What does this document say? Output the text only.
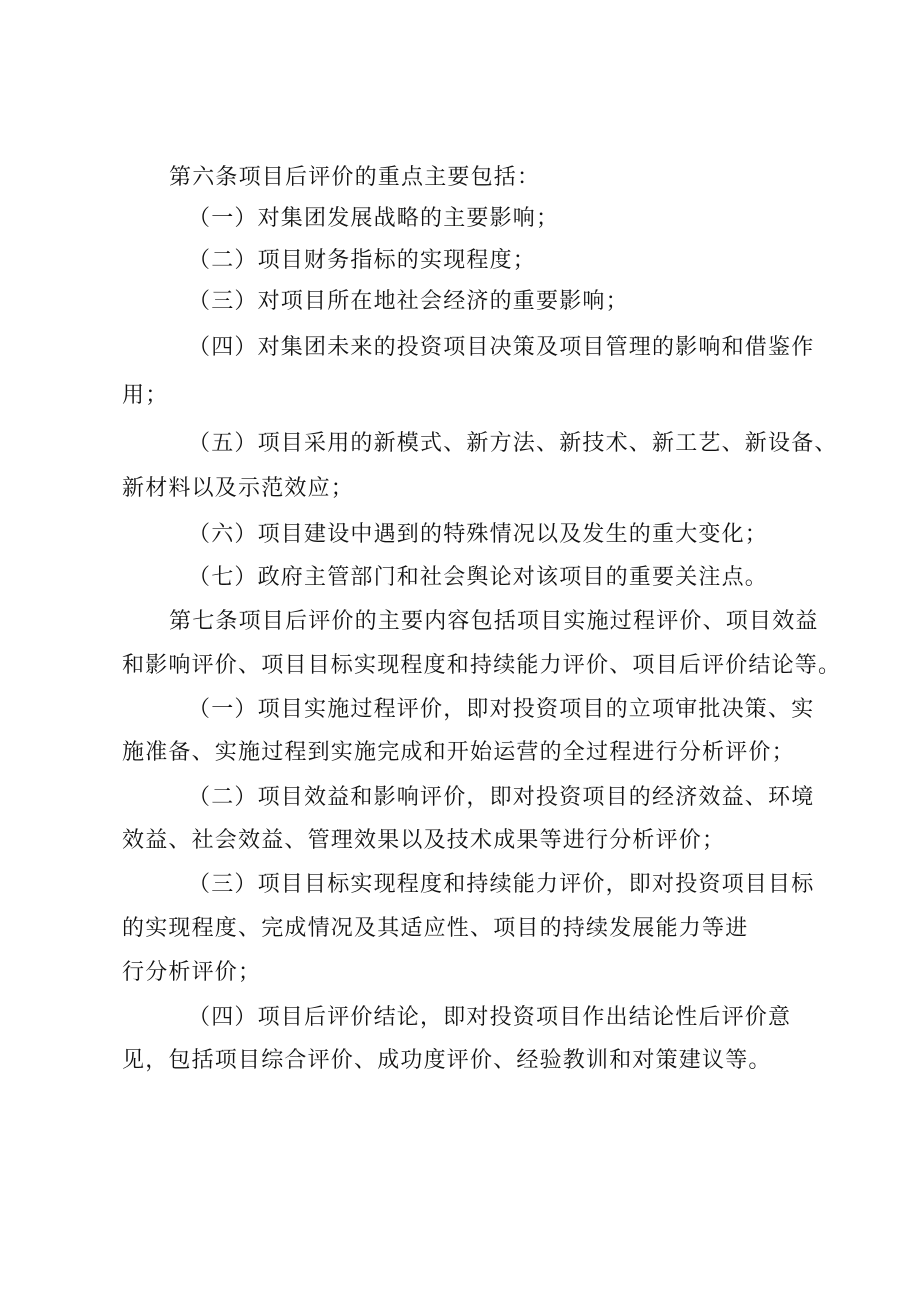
第六条项目后评价的重点主要包括：
（一）对集团发展战略的主要影响；
（二）项目财务指标的实现程度；
（三）对项目所在地社会经济的重要影响；
（四）对集团未来的投资项目决策及项目管理的影响和借鉴作
用；
（五）项目采用的新模式、新方法、新技术、新工艺、新设备、
新材料以及示范效应；
（六）项目建设中遇到的特殊情况以及发生的重大变化；
（七）政府主管部门和社会舆论对该项目的重要关注点。
第七条项目后评价的主要内容包括项目实施过程评价、项目效益
和影响评价、项目目标实现程度和持续能力评价、项目后评价结论等。
（一）项目实施过程评价，即对投资项目的立项审批决策、实
施准备、实施过程到实施完成和开始运营的全过程进行分析评价；
（二）项目效益和影响评价，即对投资项目的经济效益、环境
效益、社会效益、管理效果以及技术成果等进行分析评价；
（三）项目目标实现程度和持续能力评价，即对投资项目目标
的实现程度、完成情况及其适应性、项目的持续发展能力等进
行分析评价；
（四）项目后评价结论，即对投资项目作出结论性后评价意
见，包括项目综合评价、成功度评价、经验教训和对策建议等。
